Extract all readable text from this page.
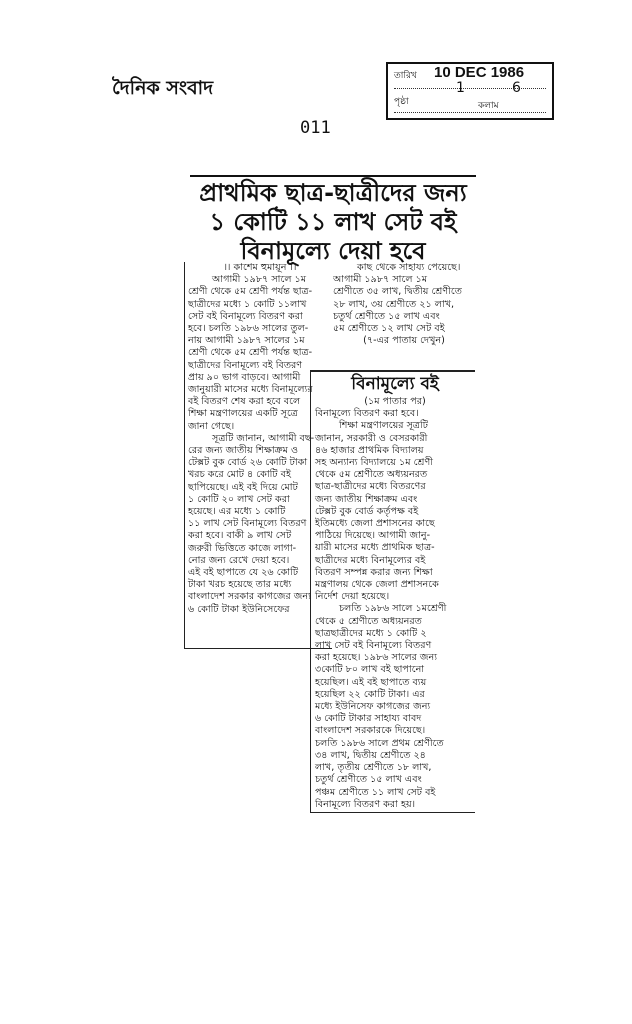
দৈনিক সংবাদ
011
তারিখ 10 DEC 1986
পৃষ্ঠা
1
কলাম
6
প্রাথমিক ছাত্র-ছাত্রীদের জন্য
১ কোটি ১১ লাখ সেট বই
বিনামূল্যে দেয়া হবে
।। কাশেম হুমায়ূন ।।
আগামী ১৯৮৭ সালে ১ম
শ্রেণী থেকে ৫ম শ্রেণী পর্যন্ত ছাত্র-
ছাত্রীদের মধ্যে ১ কোটি ১১লাখ
সেট বই বিনামূল্যে বিতরণ করা
হবে। চলতি ১৯৮৬ সালের তুল-
নায় আগামী ১৯৮৭ সালের ১ম
শ্রেণী থেকে ৫ম শ্রেণী পর্যন্ত ছাত্র-
ছাত্রীদের বিনামূল্যে বই বিতরণ
প্রায় ৯০ ভাগ বাড়বে। আগামী
জানুয়ারী মাসের মধ্যে বিনামূল্যের
বই বিতরণ শেষ করা হবে বলে
শিক্ষা মন্ত্রণালয়ের একটি সূত্রে
জানা গেছে।
সূত্রটি জানান, আগামী বছ-
রের জন্য জাতীয় শিক্ষাক্রম ও
টেক্সট বুক বোর্ড ২৬ কোটি টাকা
খরচ করে মোট ৪ কোটি বই
ছাপিয়েছে। এই বই দিয়ে মোট
১ কোটি ২০ লাখ সেট করা
হয়েছে। এর মধ্যে ১ কোটি
১১ লাখ সেট বিনামূল্যে বিতরণ
করা হবে। বাকী ৯ লাখ সেট
জরুরী ভিত্তিতে কাজে লাগা-
নোর জন্য রেখে দেয়া হবে।
এই বই ছাপাতে যে ২৬ কোটি
টাকা খরচ হয়েছে তার মধ্যে
বাংলাদেশ সরকার কাগজের জন্য
৬ কোটি টাকা ইউনিসেফের
কাছ থেকে সাহায্য পেয়েছে।
আগামী ১৯৮৭ সালে ১ম
শ্রেণীতে ৩৫ লাখ, দ্বিতীয় শ্রেণীতে
২৮ লাখ, ৩য় শ্রেণীতে ২১ লাখ,
চতুর্থ শ্রেণীতে ১৫ লাখ এবং
৫ম শ্রেণীতে ১২ লাখ সেট বই
(৭-এর পাতায় দেখুন)
বিনামূল্যে বই
(১ম পাতার পর)
বিনামূল্যে বিতরণ করা হবে।
শিক্ষা মন্ত্রণালয়ের সূত্রটি
জানান, সরকারী ও বেসরকারী
৪৬ হাজার প্রাথমিক বিদ্যালয়
সহ অন্যান্য বিদ্যালয়ে ১ম শ্রেণী
থেকে ৫ম শ্রেণীতে অধ্যয়নরত
ছাত্র-ছাত্রীদের মধ্যে বিতরণের
জন্য জাতীয় শিক্ষাক্রম এবং
টেক্সট বুক বোর্ড কর্তৃপক্ষ বই
ইতিমধ্যে জেলা প্রশাসনের কাছে
পাঠিয়ে দিয়েছে। আগামী জানু-
য়ারী মাসের মধ্যে প্রাথমিক ছাত্র-
ছাত্রীদের মধ্যে বিনামূল্যের বই
বিতরণ সম্পন্ন করার জন্য শিক্ষা
মন্ত্রণালয় থেকে জেলা প্রশাসনকে
নির্দেশ দেয়া হয়েছে।
চলতি ১৯৮৬ সালে ১মশ্রেণী
থেকে ৫ শ্রেণীতে অধ্যয়নরত
ছাত্রছাত্রীদের মধ্যে ১ কোটি ২
লাখ সেট বই বিনামূল্যে বিতরণ
করা হয়েছে। ১৯৮৬ সালের জন্য
৩কোটি ৮০ লাখ বই ছাপানো
হয়েছিল। এই বই ছাপাতে ব্যয়
হয়েছিল ২২ কোটি টাকা। এর
মধ্যে ইউনিসেফ কাগজের জন্য
৬ কোটি টাকার সাহায্য বাবদ
বাংলাদেশ সরকারকে দিয়েছে।
চলতি ১৯৮৬ সালে প্রথম শ্রেণীতে
৩৪ লাখ, দ্বিতীয় শ্রেণীতে ২৪
লাখ, তৃতীয় শ্রেণীতে ১৮ লাখ,
চতুর্থ শ্রেণীতে ১৫ লাখ এবং
পঞ্চম শ্রেণীতে ১১ লাখ সেট বই
বিনামূল্যে বিতরণ করা হয়।
